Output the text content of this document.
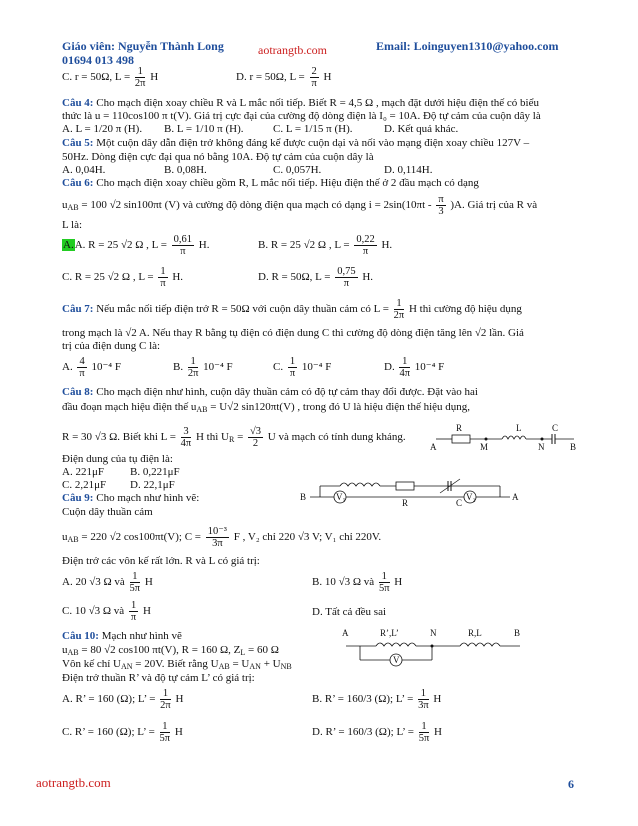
Giáo viên: Nguyễn Thành Long
01694 013 498
aotrangtb.com	Email: Loinguyen1310@yahoo.com
C. r = 50Ω, $L = \frac{1}{2\pi}$ H	D. r = 50Ω, $L = \frac{2}{\pi}$ H
Câu 4: Cho mạch điện xoay chiều R và L mắc nối tiếp. Biết R = 4,5 Ω , mạch đặt dưới hiệu điện thế có biểu
thức là u = 110cos100 π t(V). Giá trị cực đại của cường độ dòng điện là I₀ = 10A. Độ tự cảm của cuộn dây là
A. L = 1/20 π (H). B. L = 1/10 π (H).	C. L = 1/15 π (H).	D. Kết quả khác.
Câu 5: Một cuộn dây dẫn điện trở không đáng kể được cuộn dại và nối vào mạng điện xoay chiều 127V –
50Hz. Dòng điện cực đại qua nó bằng 10A. Độ tự cảm của cuộn dây là
A. 0,04H.	B. 0,08H.	C. 0,057H.	D. 0,114H.
Câu 6: Cho mạch điện xoay chiều gồm R, L mắc nối tiếp. Hiệu điện thế ở 2 đầu mạch có dạng
$u_{AB} = 100$ √2 sin100πt (V) và cường độ dòng điện qua mạch có dạng $i = 2\sin(10\pi t - \frac{\pi}{3} )A$. Giá trị của R và
L là:
A.A. R = 25 √2 Ω , $L = \frac{0,61}{\pi} H$.	B. R = 25 √2 Ω , $L = \frac{0,22}{\pi} H$.
C. R = 25 √2 Ω , $L = \frac{1}{\pi} H$.	D. R = 50Ω, $L = \frac{0,75}{\pi} H$.
Câu 7: Nếu mắc nối tiếp điện trở R = 50Ω với cuộn dây thuần cảm có $L = \frac{1}{2\pi}$ H thì cường độ hiệu dụng
trong mạch là √2 A. Nếu thay R bằng tụ điện có điện dung C thì cường độ dòng điện tăng lên √2 lần. Giá
trị của điện dung C là:
A. $\frac{4}{\pi} 10^{-4}$ F	B. $\frac{1}{2\pi} 10^{-4}$ F	C. $\frac{1}{\pi} 10^{-4}$ F	D. $\frac{1}{4\pi} 10^{-4}$ F
Câu 8: Cho mạch điện như hình, cuộn dây thuần cảm có độ tự cảm thay đổi được. Đặt vào hai
đầu đoạn mạch hiệu điện thế $u_{AB} = U√2$ sin120πt(V) , trong đó U là hiệu điện thế hiệu dụng,
R = 30 √3 Ω. Biết khi $L = \frac{3}{4\pi}$ H thì $U_R = \frac{√3}{2}$ U và mạch có tính dung kháng.
R	L	C
A	M	N	B
Điện dung của tụ điện là:
A. 221μF B. 0,221μF
C. 2,21μF D. 22,1μF
Câu 9: Cho mạch như hình vẽ:
Cuộn dây thuần cảm
V₁	V₂
B
R	C
A
$u_{AB} = 220$ √2 cos100πt(V); $C = \frac{\text{10⁻³}}{3\pi}$ F , V₂ chỉ 220 √3 V; V₁ chỉ 220V.
Điện trở các vôn kế rất lớn. R và L có giá trị:
A. 20 √3 Ω và $\frac{1}{5\pi}$ H	B. 10 √3 Ω và $\frac{1}{5\pi}$ H
C. 10 √3 Ω và $\frac{1}{\pi}$ H	D. Tất cả đều sai
Câu 10: Mạch như hình vẽ
$u_{AB} = 80$ √2 cos100 πt(V), R = 160 Ω, $Z_L = 60$ Ω
Vôn kế chỉ $U_{AN} = 20V$. Biết rằng $U_{AB} = U_{AN} + U_{NB}$
Điện trở thuần R’ và độ tự cảm L’ có giá trị:
A	R’,L’	N	R,L	B
V
A. R’ = 160 (Ω); L’ = $\frac{1}{2\pi}$ H	B. R’ = 160/3 (Ω); L’ = $\frac{1}{3\pi}$ H
C. R’ = 160 (Ω); L’ = $\frac{1}{5\pi}$ H	D. R’ = 160/3 (Ω); L’ = $\frac{1}{5\pi}$ H
aotrangtb.com	6
